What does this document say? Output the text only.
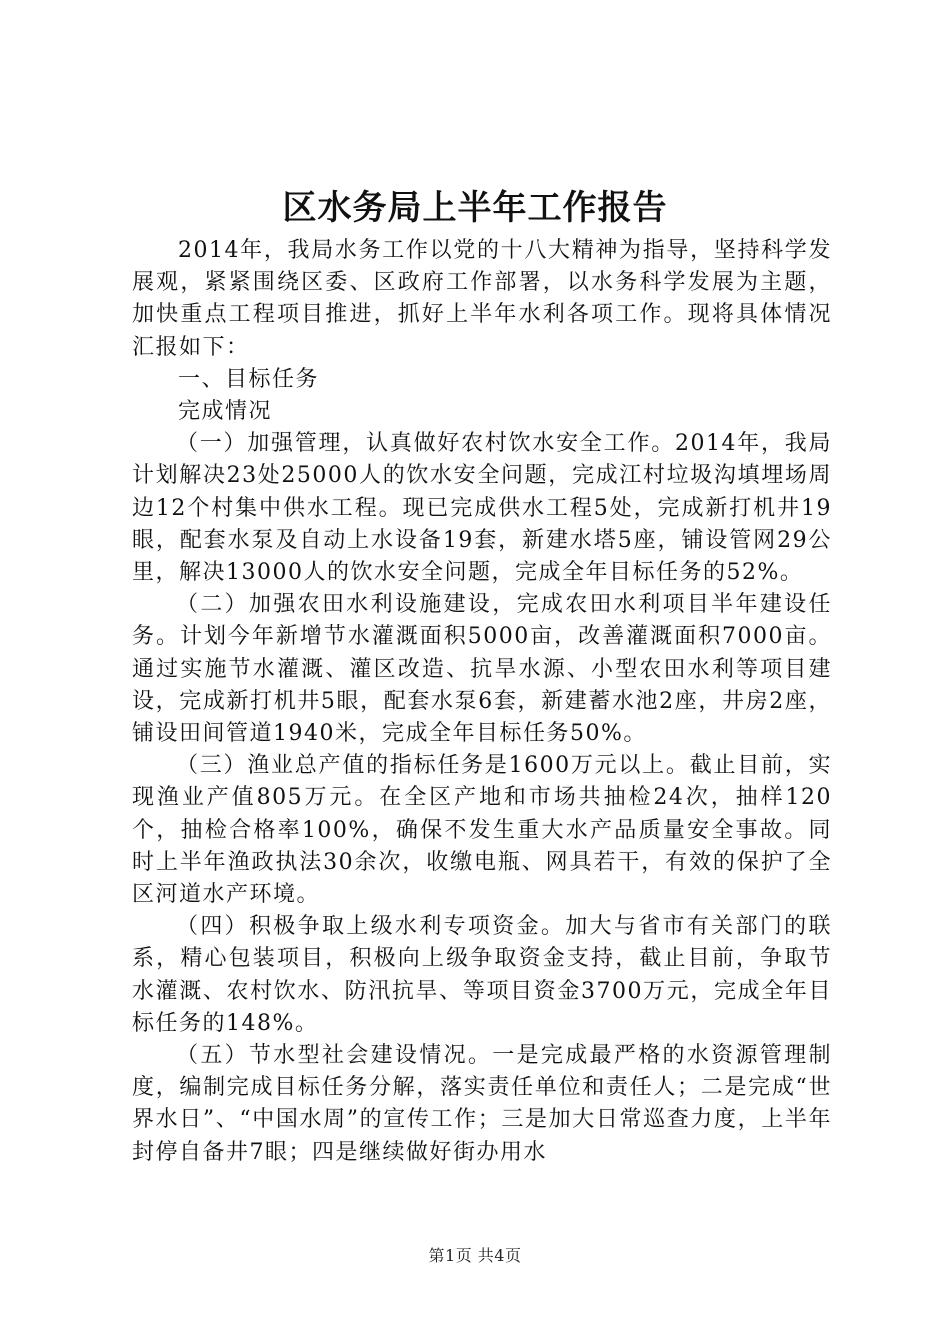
区水务局上半年工作报告

2014年，我局水务工作以党的十八大精神为指导，坚持科学发展观，紧紧围绕区委、区政府工作部署，以水务科学发展为主题，加快重点工程项目推进，抓好上半年水利各项工作。现将具体情况汇报如下：

一、目标任务

完成情况

（一）加强管理，认真做好农村饮水安全工作。2014年，我局计划解决23处25000人的饮水安全问题，完成江村垃圾沟填埋场周边12个村集中供水工程。现已完成供水工程5处，完成新打机井19眼，配套水泵及自动上水设备19套，新建水塔5座，铺设管网29公里，解决13000人的饮水安全问题，完成全年目标任务的52%。

（二）加强农田水利设施建设，完成农田水利项目半年建设任务。计划今年新增节水灌溉面积5000亩，改善灌溉面积7000亩。通过实施节水灌溉、灌区改造、抗旱水源、小型农田水利等项目建设，完成新打机井5眼，配套水泵6套，新建蓄水池2座，井房2座，铺设田间管道1940米，完成全年目标任务50%。

（三）渔业总产值的指标任务是1600万元以上。截止目前，实现渔业产值805万元。在全区产地和市场共抽检24次，抽样120个，抽检合格率100%，确保不发生重大水产品质量安全事故。同时上半年渔政执法30余次，收缴电瓶、网具若干，有效的保护了全区河道水产环境。

（四）积极争取上级水利专项资金。加大与省市有关部门的联系，精心包装项目，积极向上级争取资金支持，截止目前，争取节水灌溉、农村饮水、防汛抗旱、等项目资金3700万元，完成全年目标任务的148%。

（五）节水型社会建设情况。一是完成最严格的水资源管理制度，编制完成目标任务分解，落实责任单位和责任人；二是完成“世界水日”、“中国水周”的宣传工作；三是加大日常巡查力度，上半年封停自备井7眼；四是继续做好街办用水

第1页 共4页
